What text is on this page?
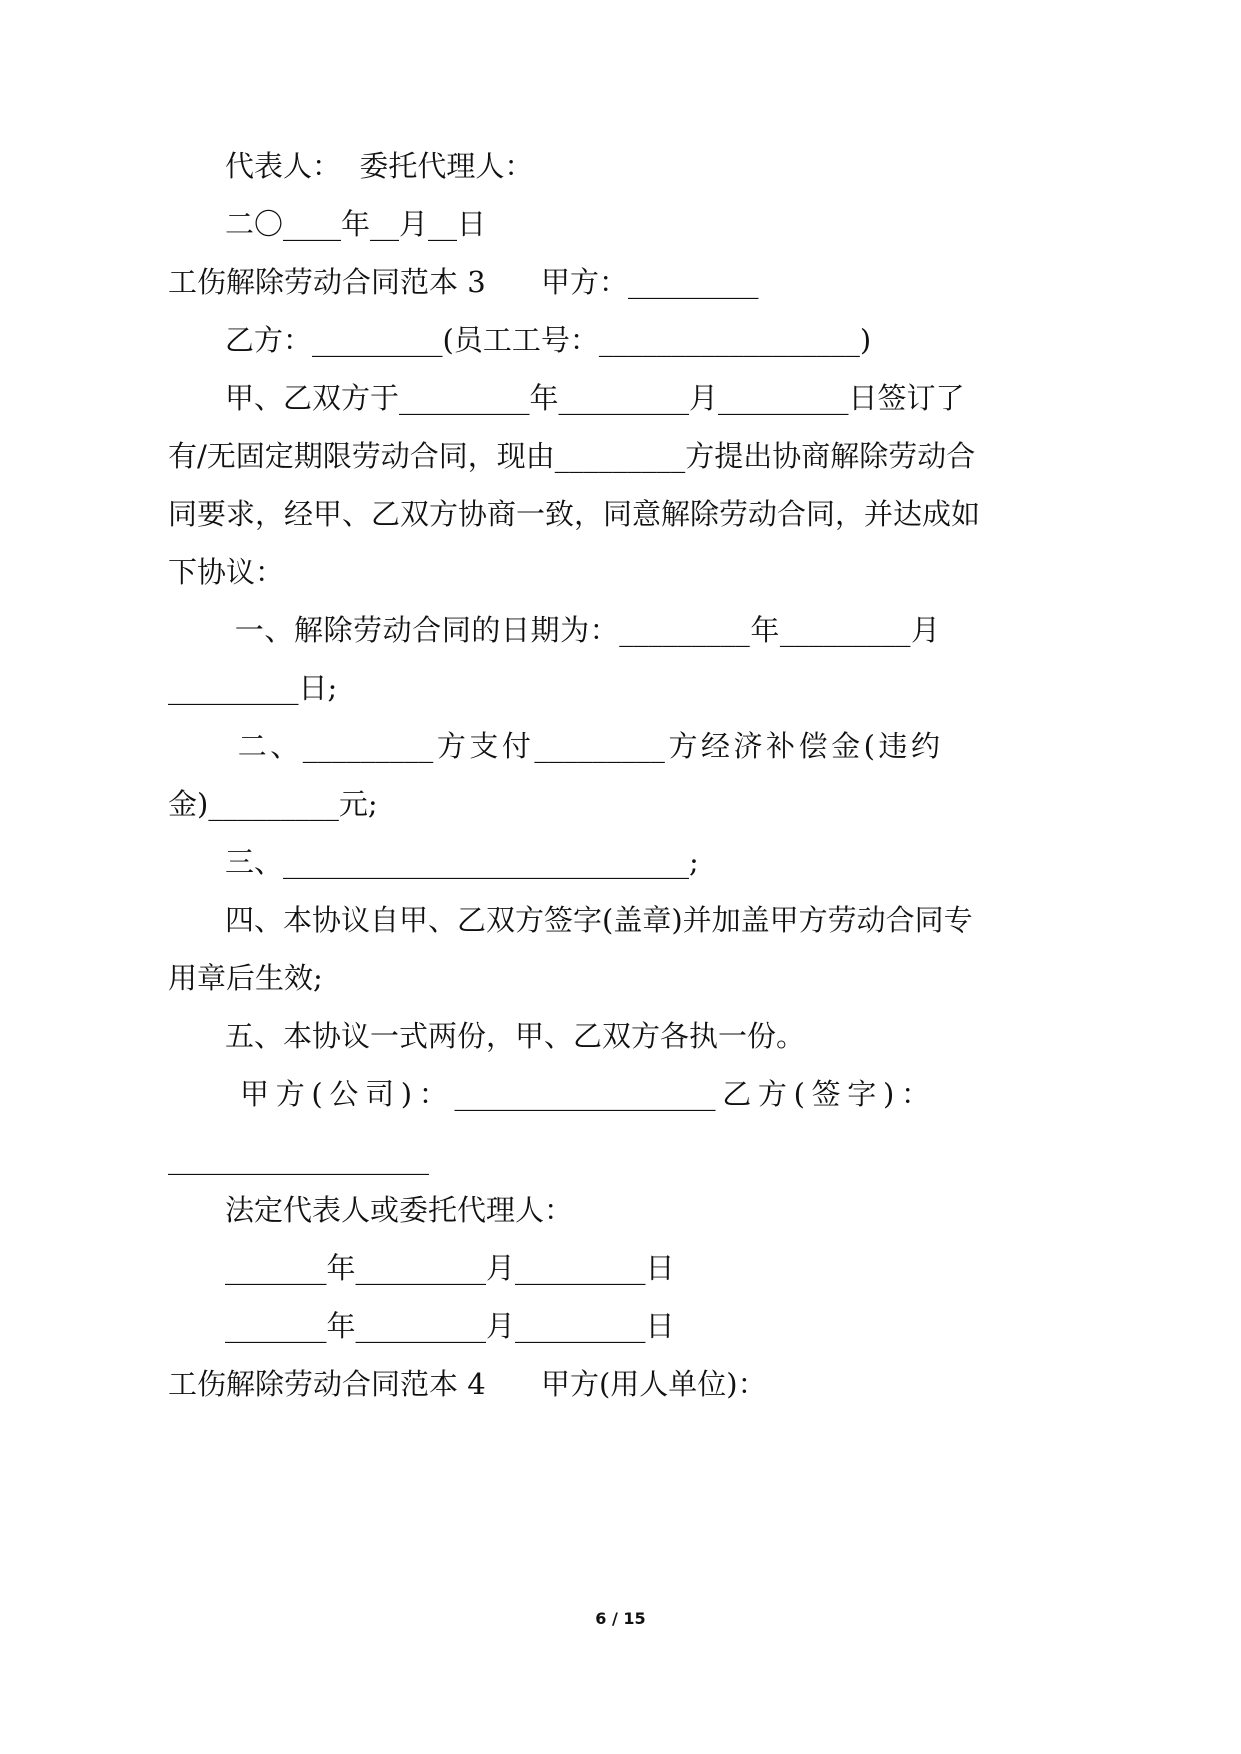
代表人：  委托代理人：
二〇____年__月__日
工伤解除劳动合同范本 3      甲方：_________
乙方：_________(员工工号：__________________)
甲、乙双方于_________年_________月_________日签订了
有/无固定期限劳动合同，现由_________方提出协商解除劳动合
同要求，经甲、乙双方协商一致，同意解除劳动合同，并达成如
下协议：
一、解除劳动合同的日期为：_________年_________月
_________日;
二、_________方支付_________方经济补偿金(违约
金)_________元;
三、____________________________;
四、本协议自甲、乙双方签字(盖章)并加盖甲方劳动合同专
用章后生效;
五、本协议一式两份，甲、乙双方各执一份。
甲方(公司)：__________________乙方(签字)：
__________________
法定代表人或委托代理人：
_______年_________月_________日
_______年_________月_________日
工伤解除劳动合同范本 4      甲方(用人单位)：
6 / 15
